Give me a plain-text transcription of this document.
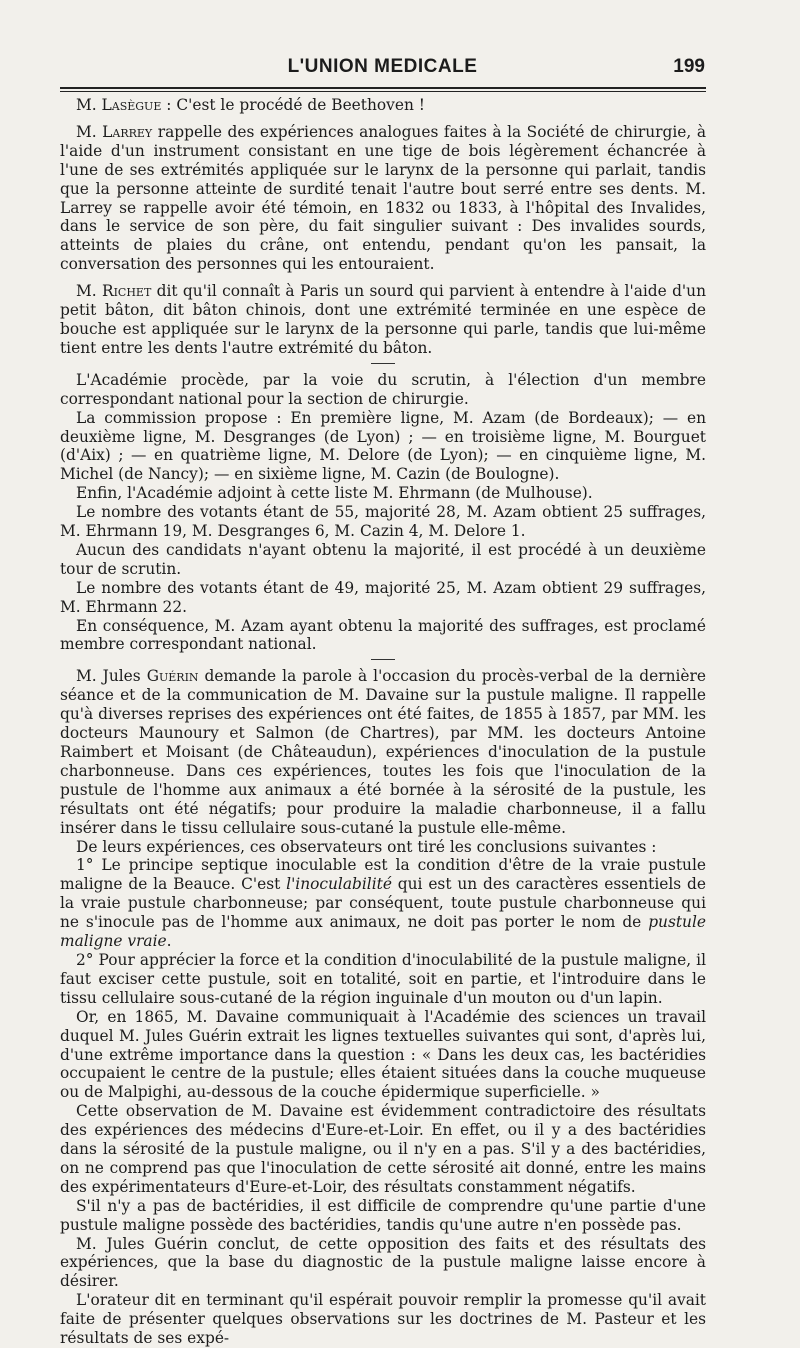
L'UNION MEDICALE	199

M. Lasègue : C'est le procédé de Beethoven !

M. Larrey rappelle des expériences analogues faites à la Société de chirurgie, à l'aide d'un instrument consistant en une tige de bois légèrement échancrée à l'une de ses extrémités appliquée sur le larynx de la personne qui parlait, tandis que la personne atteinte de surdité tenait l'autre bout serré entre ses dents. M. Larrey se rappelle avoir été témoin, en 1832 ou 1833, à l'hôpital des Invalides, dans le service de son père, du fait singulier suivant : Des invalides sourds, atteints de plaies du crâne, ont entendu, pendant qu'on les pansait, la conversation des personnes qui les entouraient.

M. Richet dit qu'il connaît à Paris un sourd qui parvient à entendre à l'aide d'un petit bâton, dit bâton chinois, dont une extrémité terminée en une espèce de bouche est appliquée sur le larynx de la personne qui parle, tandis que lui-même tient entre les dents l'autre extrémité du bâton.

L'Académie procède, par la voie du scrutin, à l'élection d'un membre correspondant national pour la section de chirurgie.

La commission propose : En première ligne, M. Azam (de Bordeaux); — en deuxième ligne, M. Desgranges (de Lyon) ; — en troisième ligne, M. Bourguet (d'Aix) ; — en quatrième ligne, M. Delore (de Lyon); — en cinquième ligne, M. Michel (de Nancy); — en sixième ligne, M. Cazin (de Boulogne).

Enfin, l'Académie adjoint à cette liste M. Ehrmann (de Mulhouse).

Le nombre des votants étant de 55, majorité 28, M. Azam obtient 25 suffrages, M. Ehrmann 19, M. Desgranges 6, M. Cazin 4, M. Delore 1.

Aucun des candidats n'ayant obtenu la majorité, il est procédé à un deuxième tour de scrutin.

Le nombre des votants étant de 49, majorité 25, M. Azam obtient 29 suffrages, M. Ehrmann 22.

En conséquence, M. Azam ayant obtenu la majorité des suffrages, est proclamé membre correspondant national.

M. Jules Guérin demande la parole à l'occasion du procès-verbal de la dernière séance et de la communication de M. Davaine sur la pustule maligne. Il rappelle qu'à diverses reprises des expériences ont été faites, de 1855 à 1857, par MM. les docteurs Maunoury et Salmon (de Chartres), par MM. les docteurs Antoine Raimbert et Moisant (de Châteaudun), expériences d'inoculation de la pustule charbonneuse. Dans ces expériences, toutes les fois que l'inoculation de la pustule de l'homme aux animaux a été bornée à la sérosité de la pustule, les résultats ont été négatifs; pour produire la maladie charbonneuse, il a fallu insérer dans le tissu cellulaire sous-cutané la pustule elle-même.

De leurs expériences, ces observateurs ont tiré les conclusions suivantes :

1° Le principe septique inoculable est la condition d'être de la vraie pustule maligne de la Beauce. C'est l'inoculabilité qui est un des caractères essentiels de la vraie pustule charbonneuse; par conséquent, toute pustule charbonneuse qui ne s'inocule pas de l'homme aux animaux, ne doit pas porter le nom de pustule maligne vraie.

2° Pour apprécier la force et la condition d'inoculabilité de la pustule maligne, il faut exciser cette pustule, soit en totalité, soit en partie, et l'introduire dans le tissu cellulaire sous-cutané de la région inguinale d'un mouton ou d'un lapin.

Or, en 1865, M. Davaine communiquait à l'Académie des sciences un travail duquel M. Jules Guérin extrait les lignes textuelles suivantes qui sont, d'après lui, d'une extrême importance dans la question : « Dans les deux cas, les bactéridies occupaient le centre de la pustule; elles étaient situées dans la couche muqueuse ou de Malpighi, au-dessous de la couche épidermique superficielle. »

Cette observation de M. Davaine est évidemment contradictoire des résultats des expériences des médecins d'Eure-et-Loir. En effet, ou il y a des bactéridies dans la sérosité de la pustule maligne, ou il n'y en a pas. S'il y a des bactéridies, on ne comprend pas que l'inoculation de cette sérosité ait donné, entre les mains des expérimentateurs d'Eure-et-Loir, des résultats constamment négatifs.

S'il n'y a pas de bactéridies, il est difficile de comprendre qu'une partie d'une pustule maligne possède des bactéridies, tandis qu'une autre n'en possède pas.

M. Jules Guérin conclut, de cette opposition des faits et des résultats des expériences, que la base du diagnostic de la pustule maligne laisse encore à désirer.

L'orateur dit en terminant qu'il espérait pouvoir remplir la promesse qu'il avait faite de présenter quelques observations sur les doctrines de M. Pasteur et les résultats de ses expé-
